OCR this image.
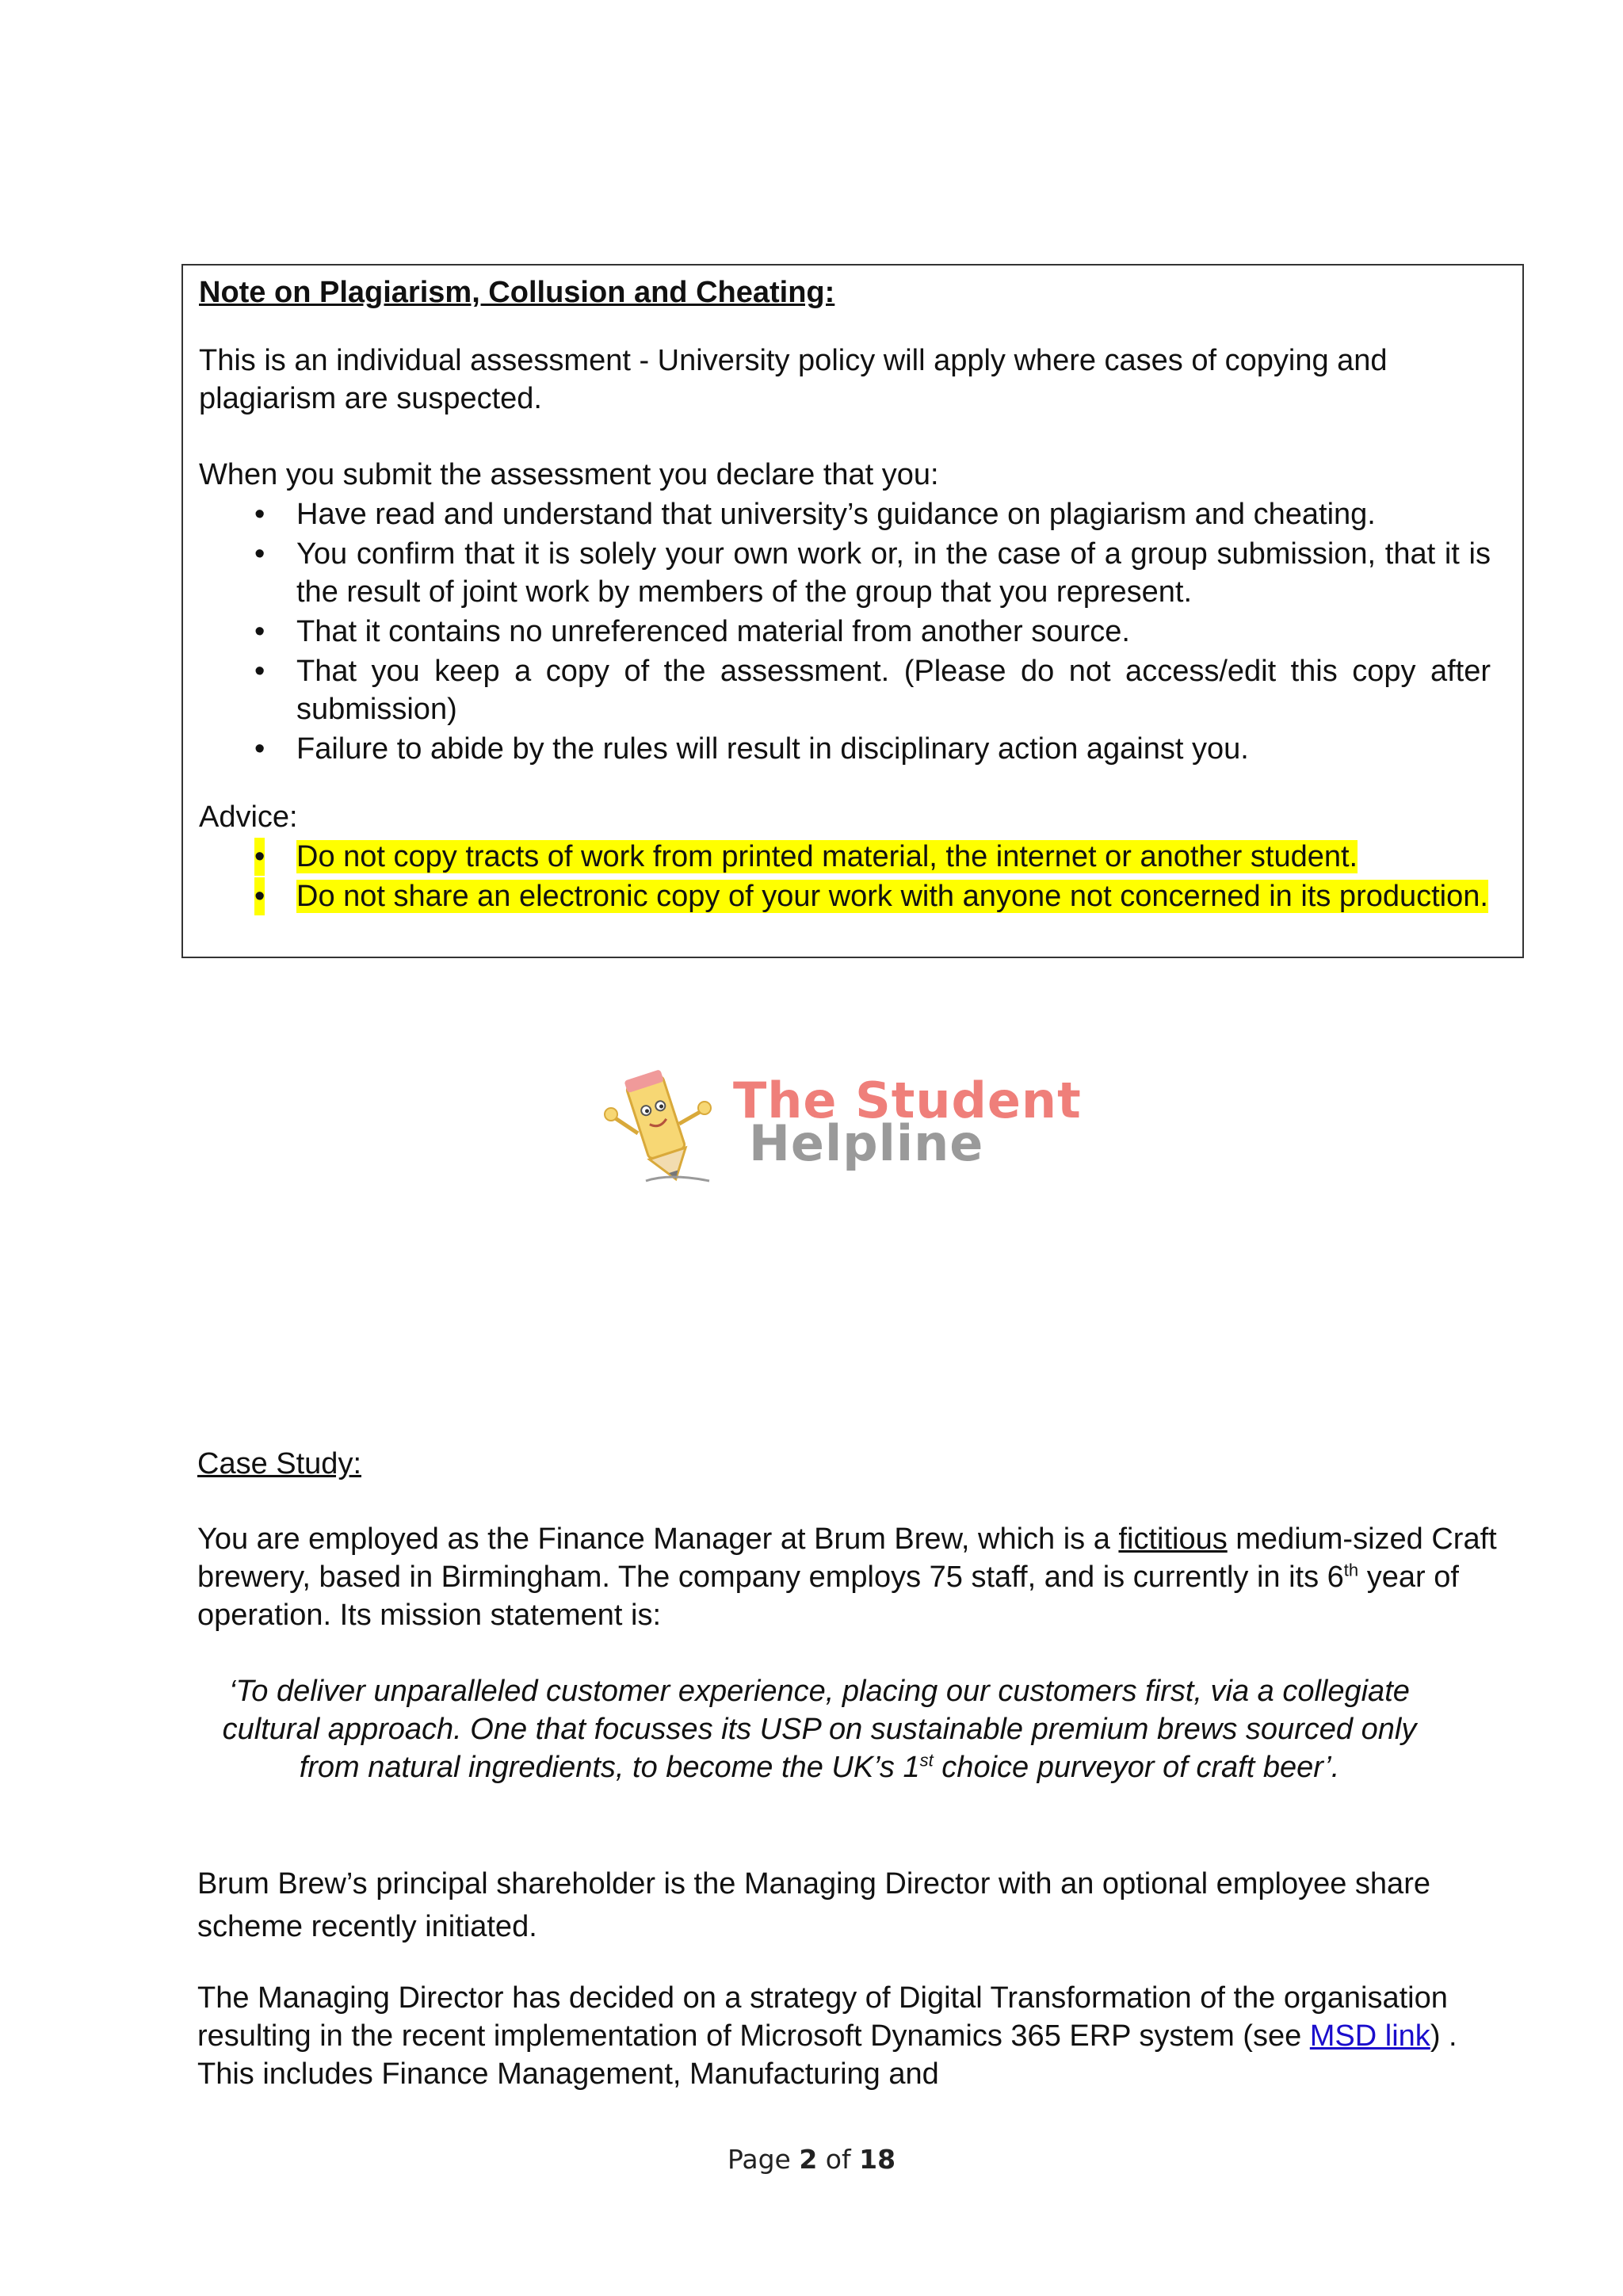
Note on Plagiarism, Collusion and Cheating:

This is an individual assessment - University policy will apply where cases of copying and plagiarism are suspected.

When you submit the assessment you declare that you:

• Have read and understand that university’s guidance on plagiarism and cheating.
• You confirm that it is solely your own work or, in the case of a group submission, that it is the result of joint work by members of the group that you represent.
• That it contains no unreferenced material from another source.
• That you keep a copy of the assessment. (Please do not access/edit this copy after submission)
• Failure to abide by the rules will result in disciplinary action against you.

Advice:

• Do not copy tracts of work from printed material, the internet or another student.
• Do not share an electronic copy of your work with anyone not concerned in its production.
The Student
Helpline

Case Study:

You are employed as the Finance Manager at Brum Brew, which is a fictitious medium-sized Craft brewery, based in Birmingham. The company employs 75 staff, and is currently in its 6th year of operation. Its mission statement is:

‘To deliver unparalleled customer experience, placing our customers first, via a collegiate cultural approach. One that focusses its USP on sustainable premium brews sourced only from natural ingredients, to become the UK’s 1st choice purveyor of craft beer’.

Brum Brew’s principal shareholder is the Managing Director with an optional employee share scheme recently initiated.

The Managing Director has decided on a strategy of Digital Transformation of the organisation resulting in the recent implementation of Microsoft Dynamics 365 ERP system (see MSD link) . This includes Finance Management, Manufacturing and

Page 2 of 18
